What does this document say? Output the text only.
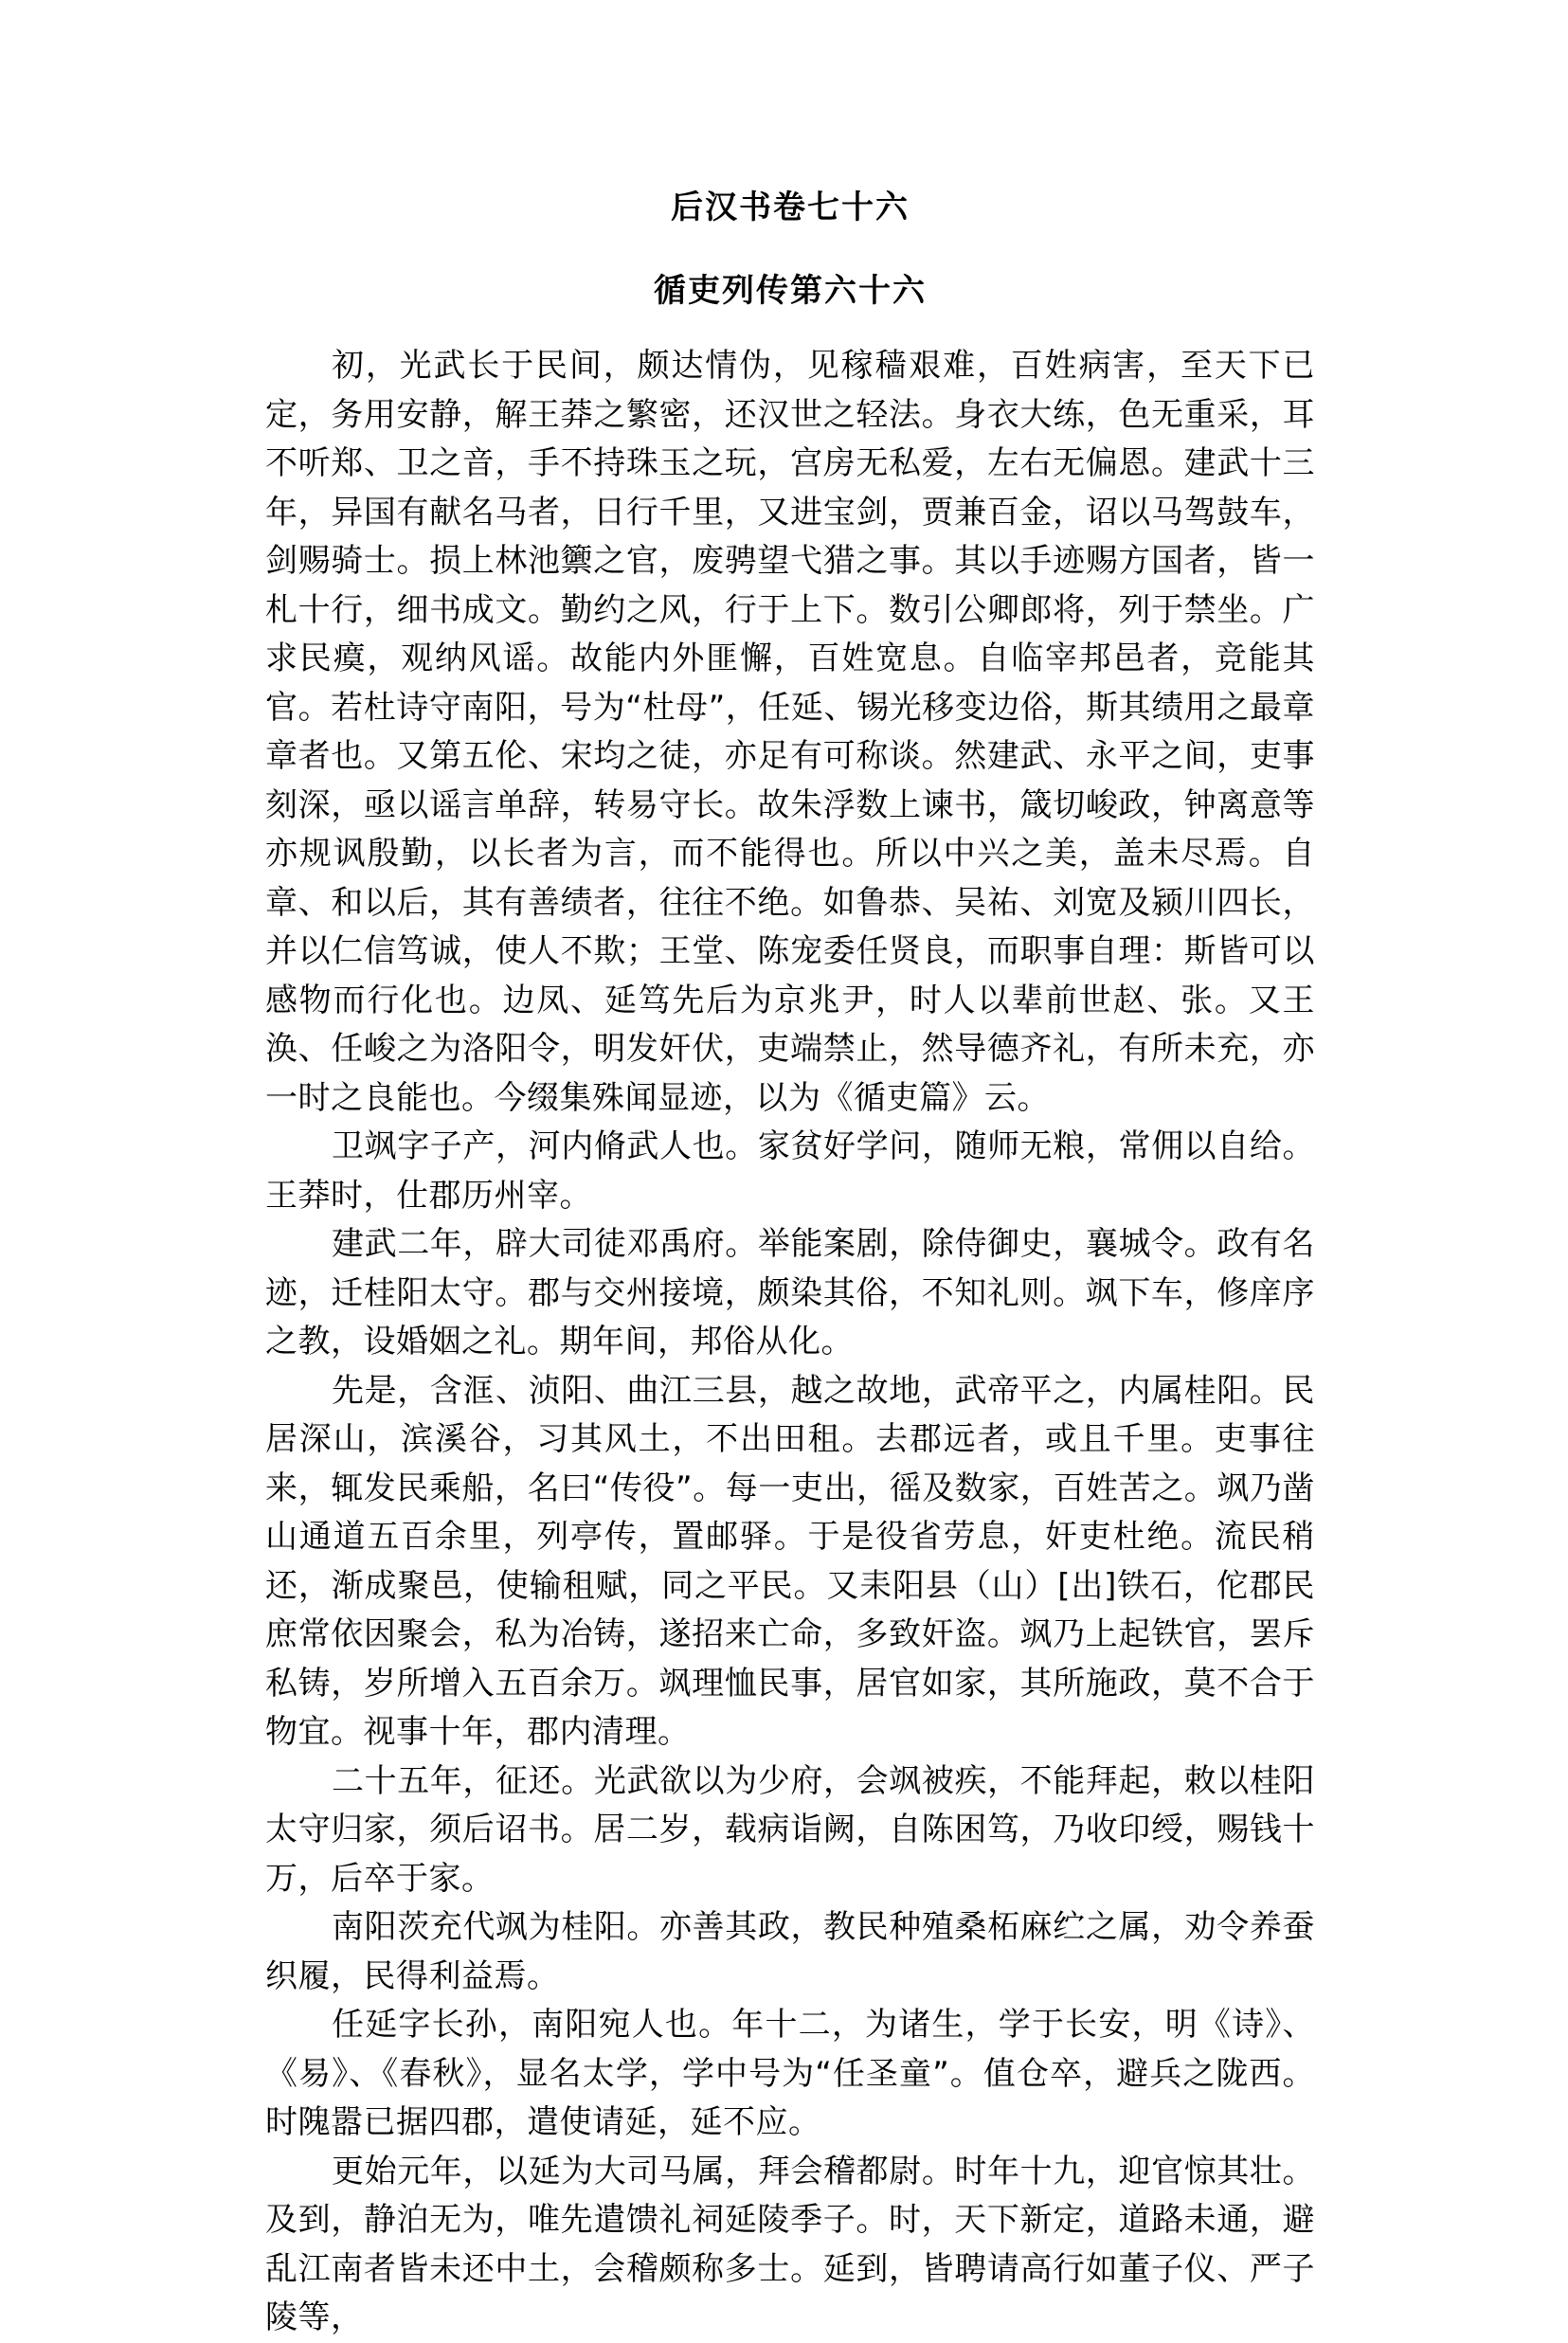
后汉书卷七十六
循吏列传第六十六

初，光武长于民间，颇达情伪，见稼穑艰难，百姓病害，至天下已定，务用安静，解王莽之繁密，还汉世之轻法。身衣大练，色无重采，耳不听郑、卫之音，手不持珠玉之玩，宫房无私爱，左右无偏恩。建武十三年，异国有献名马者，日行千里，又进宝剑，贾兼百金，诏以马驾鼓车，剑赐骑士。损上林池籞之官，废骋望弋猎之事。其以手迹赐方国者，皆一札十行，细书成文。勤约之风，行于上下。数引公卿郎将，列于禁坐。广求民瘼，观纳风谣。故能内外匪懈，百姓宽息。自临宰邦邑者，竞能其官。若杜诗守南阳，号为“杜母”，任延、锡光移变边俗，斯其绩用之最章章者也。又第五伦、宋均之徒，亦足有可称谈。然建武、永平之间，吏事刻深，亟以谣言单辞，转易守长。故朱浮数上谏书，箴切峻政，钟离意等亦规讽殷勤，以长者为言，而不能得也。所以中兴之美，盖未尽焉。自章、和以后，其有善绩者，往往不绝。如鲁恭、吴祐、刘宽及颍川四长，并以仁信笃诚，使人不欺；王堂、陈宠委任贤良，而职事自理：斯皆可以感物而行化也。边凤、延笃先后为京兆尹，时人以辈前世赵、张。又王涣、任峻之为洛阳令，明发奸伏，吏端禁止，然导德齐礼，有所未充，亦一时之良能也。今缀集殊闻显迹，以为《循吏篇》云。

卫飒字子产，河内脩武人也。家贫好学问，随师无粮，常佣以自给。王莽时，仕郡历州宰。

建武二年，辟大司徒邓禹府。举能案剧，除侍御史，襄城令。政有名迹，迁桂阳太守。郡与交州接境，颇染其俗，不知礼则。飒下车，修庠序之教，设婚姻之礼。期年间，邦俗从化。

先是，含洭、浈阳、曲江三县，越之故地，武帝平之，内属桂阳。民居深山，滨溪谷，习其风土，不出田租。去郡远者，或且千里。吏事往来，辄发民乘船，名曰“传役”。每一吏出，徭及数家，百姓苦之。飒乃凿山通道五百余里，列亭传，置邮驿。于是役省劳息，奸吏杜绝。流民稍还，渐成聚邑，使输租赋，同之平民。又耒阳县（山）[出]铁石，佗郡民庶常依因聚会，私为冶铸，遂招来亡命，多致奸盗。飒乃上起铁官，罢斥私铸，岁所增入五百余万。飒理恤民事，居官如家，其所施政，莫不合于物宜。视事十年，郡内清理。

二十五年，征还。光武欲以为少府，会飒被疾，不能拜起，敕以桂阳太守归家，须后诏书。居二岁，载病诣阙，自陈困笃，乃收印绶，赐钱十万，后卒于家。

南阳茨充代飒为桂阳。亦善其政，教民种殖桑柘麻纻之属，劝令养蚕织履，民得利益焉。

任延字长孙，南阳宛人也。年十二，为诸生，学于长安，明《诗》、《易》、《春秋》，显名太学，学中号为“任圣童”。值仓卒，避兵之陇西。时隗嚣已据四郡，遣使请延，延不应。

更始元年，以延为大司马属，拜会稽都尉。时年十九，迎官惊其壮。及到，静泊无为，唯先遣馈礼祠延陵季子。时，天下新定，道路未通，避乱江南者皆未还中土，会稽颇称多士。延到，皆聘请高行如董子仪、严子陵等，
